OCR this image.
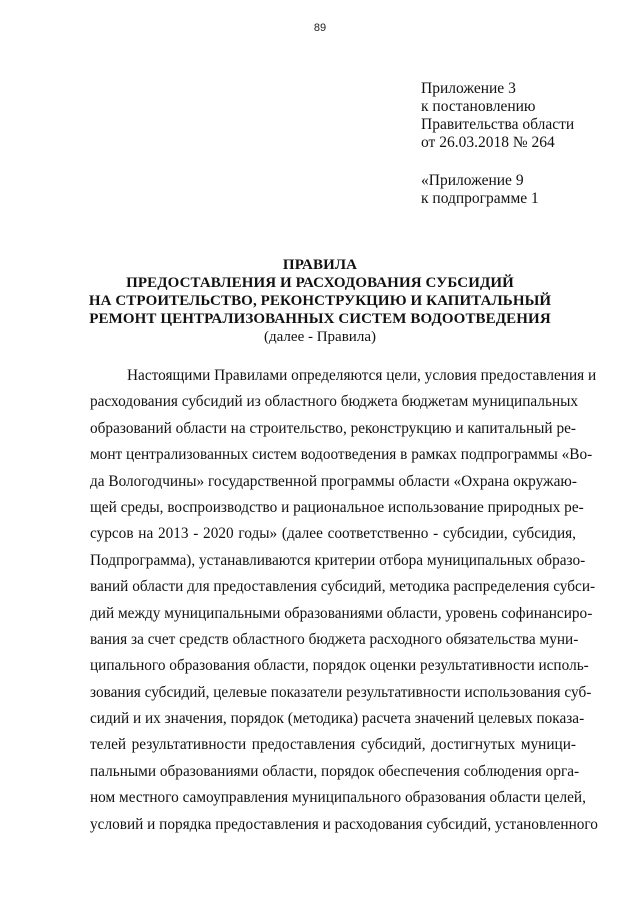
89
Приложение 3
к постановлению
Правительства области
от 26.03.2018 № 264
«Приложение 9
к подпрограмме 1
ПРАВИЛА
ПРЕДОСТАВЛЕНИЯ И РАСХОДОВАНИЯ СУБСИДИЙ
НА СТРОИТЕЛЬСТВО, РЕКОНСТРУКЦИЮ И КАПИТАЛЬНЫЙ
РЕМОНТ ЦЕНТРАЛИЗОВАННЫХ СИСТЕМ ВОДООТВЕДЕНИЯ
(далее - Правила)
Настоящими Правилами определяются цели, условия предоставления и
расходования субсидий из областного бюджета бюджетам муниципальных
образований области на строительство, реконструкцию и капитальный ре-
монт централизованных систем водоотведения в рамках подпрограммы «Во-
да Вологодчины» государственной программы области «Охрана окружаю-
щей среды, воспроизводство и рациональное использование природных ре-
сурсов на 2013 - 2020 годы» (далее соответственно - субсидии, субсидия,
Подпрограмма), устанавливаются критерии отбора муниципальных образо-
ваний области для предоставления субсидий, методика распределения субси-
дий между муниципальными образованиями области, уровень софинансиро-
вания за счет средств областного бюджета расходного обязательства муни-
ципального образования области, порядок оценки результативности исполь-
зования субсидий, целевые показатели результативности использования суб-
сидий и их значения, порядок (методика) расчета значений целевых показа-
телей результативности предоставления субсидий, достигнутых муници-
пальными образованиями области, порядок обеспечения соблюдения орга-
ном местного самоуправления муниципального образования области целей,
условий и порядка предоставления и расходования субсидий, установленного
